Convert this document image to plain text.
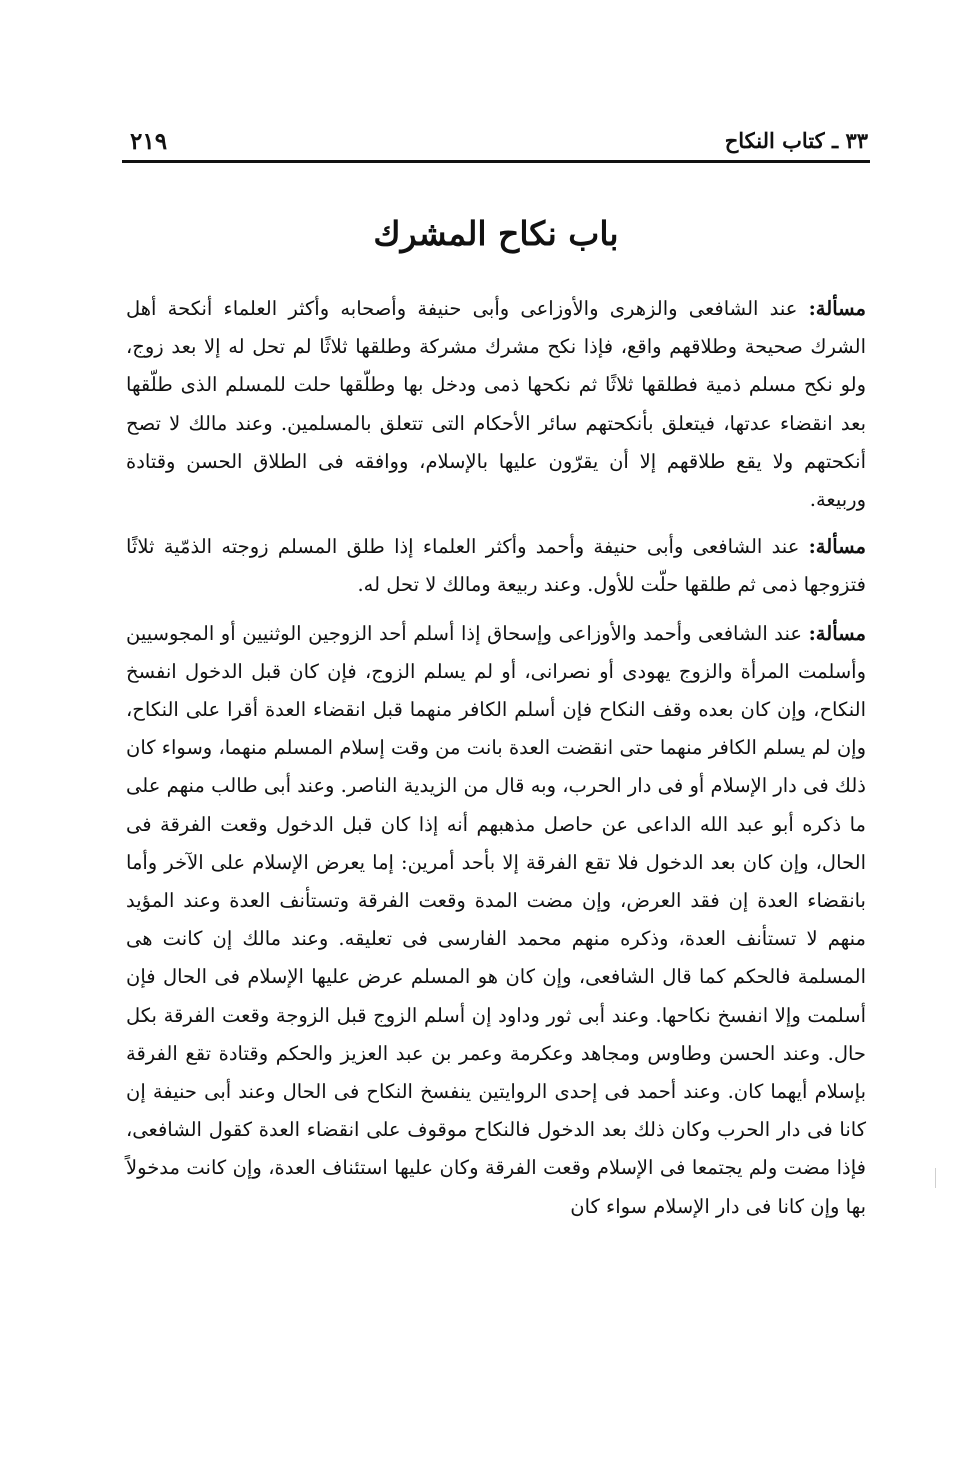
٢١٩	٣٣ ـ كتاب النكاح
باب نكاح المشرك

مسألة: عند الشافعى والزهرى والأوزاعى وأبى حنيفة وأصحابه وأكثر العلماء أنكحة أهل الشرك صحيحة وطلاقهم واقع، فإذا نكح مشرك مشركة وطلقها ثلاثًا لم تحل له إلا بعد زوج، ولو نكح مسلم ذمية فطلقها ثلاثًا ثم نكحها ذمى ودخل بها وطلّقها حلت للمسلم الذى طلّقها بعد انقضاء عدتها، فيتعلق بأنكحتهم سائر الأحكام التى تتعلق بالمسلمين. وعند مالك لا تصح أنكحتهم ولا يقع طلاقهم إلا أن يقرّون عليها بالإسلام، ووافقه فى الطلاق الحسن وقتادة وربيعة.

مسألة: عند الشافعى وأبى حنيفة وأحمد وأكثر العلماء إذا طلق المسلم زوجته الذمّية ثلاثًا فتزوجها ذمى ثم طلقها حلّت للأول. وعند ربيعة ومالك لا تحل له.

مسألة: عند الشافعى وأحمد والأوزاعى وإسحاق إذا أسلم أحد الزوجين الوثنيين أو المجوسيين وأسلمت المرأة والزوج يهودى أو نصرانى، أو لم يسلم الزوج، فإن كان قبل الدخول انفسخ النكاح، وإن كان بعده وقف النكاح فإن أسلم الكافر منهما قبل انقضاء العدة أقرا على النكاح، وإن لم يسلم الكافر منهما حتى انقضت العدة بانت من وقت إسلام المسلم منهما، وسواء كان ذلك فى دار الإسلام أو فى دار الحرب، وبه قال من الزيدية الناصر. وعند أبى طالب منهم على ما ذكره أبو عبد الله الداعى عن حاصل مذهبهم أنه إذا كان قبل الدخول وقعت الفرقة فى الحال، وإن كان بعد الدخول فلا تقع الفرقة إلا بأحد أمرين: إما يعرض الإسلام على الآخر وأما بانقضاء العدة إن فقد العرض، وإن مضت المدة وقعت الفرقة وتستأنف العدة وعند المؤيد منهم لا تستأنف العدة، وذكره منهم محمد الفارسى فى تعليقه. وعند مالك إن كانت هى المسلمة فالحكم كما قال الشافعى، وإن كان هو المسلم عرض عليها الإسلام فى الحال فإن أسلمت وإلا انفسخ نكاحها. وعند أبى ثور وداود إن أسلم الزوج قبل الزوجة وقعت الفرقة بكل حال. وعند الحسن وطاوس ومجاهد وعكرمة وعمر بن عبد العزيز والحكم وقتادة تقع الفرقة بإسلام أيهما كان. وعند أحمد فى إحدى الروايتين ينفسخ النكاح فى الحال وعند أبى حنيفة إن كانا فى دار الحرب وكان ذلك بعد الدخول فالنكاح موقوف على انقضاء العدة كقول الشافعى، فإذا مضت ولم يجتمعا فى الإسلام وقعت الفرقة وكان عليها استئناف العدة، وإن كانت مدخولاً بها وإن كانا فى دار الإسلام سواء كان
